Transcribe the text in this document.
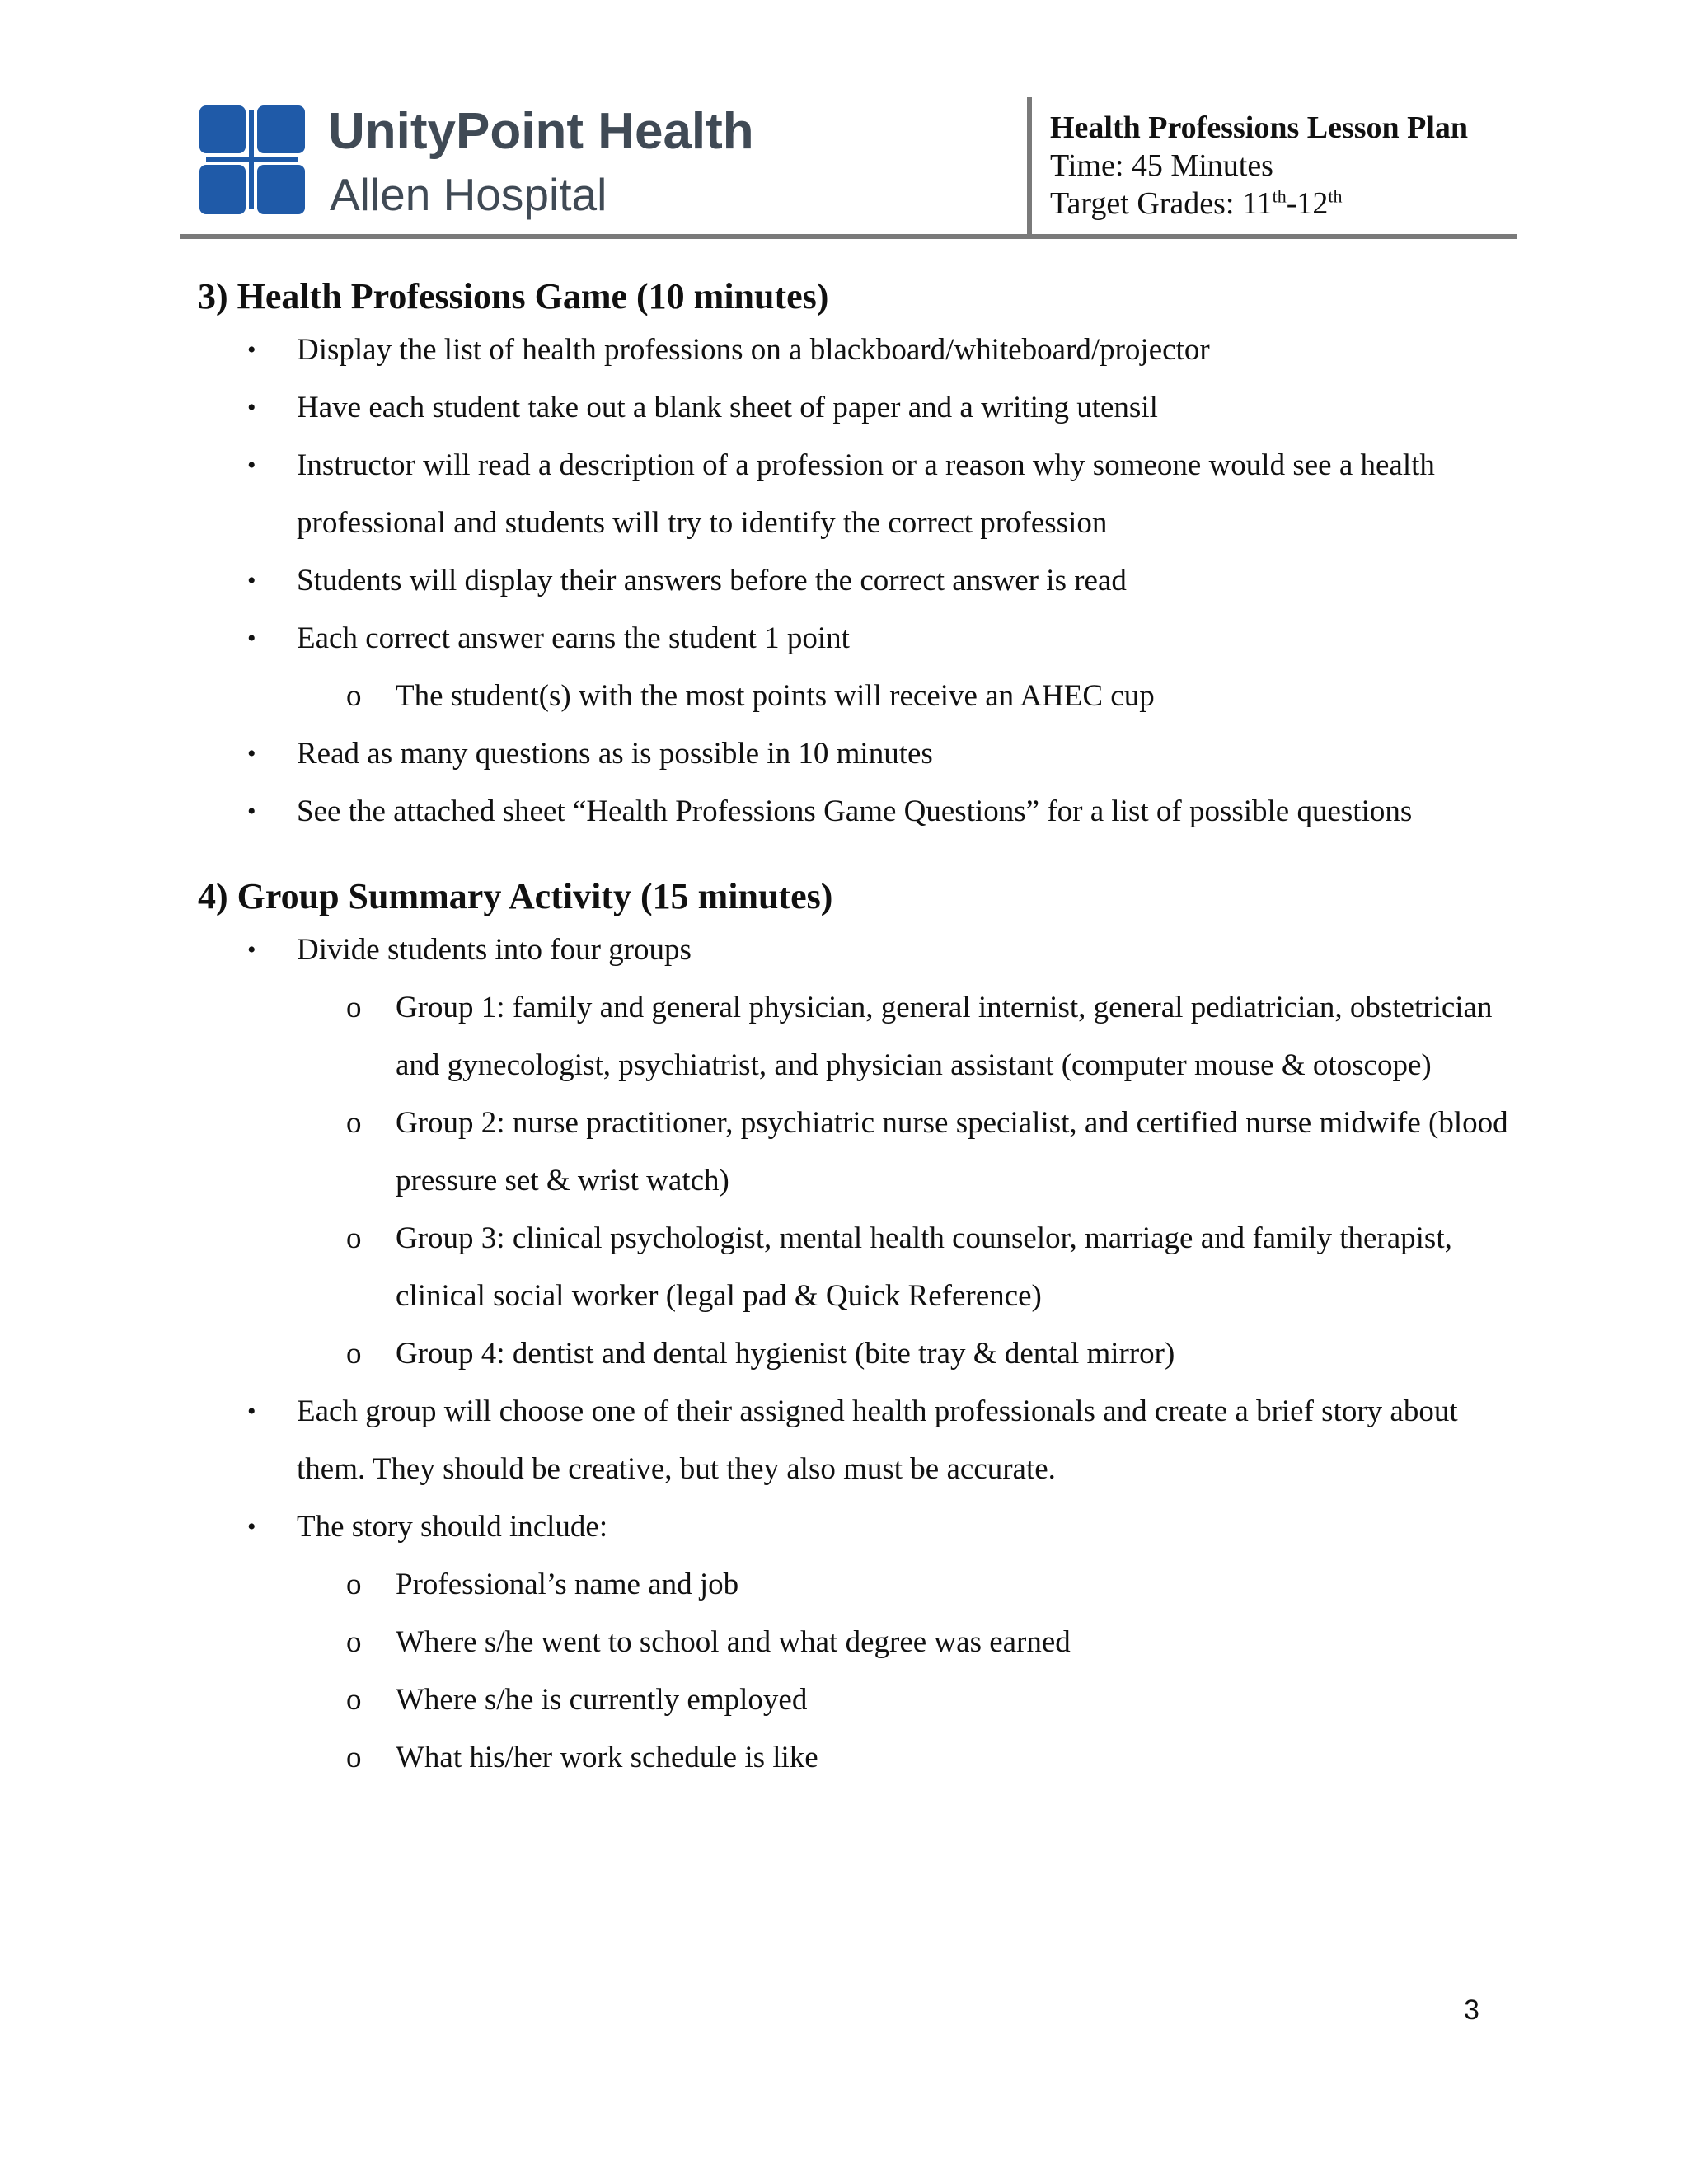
UnityPoint Health
Allen Hospital
Health Professions Lesson Plan
Time: 45 Minutes
Target Grades: 11th-12th
3) Health Professions Game (10 minutes)
• Display the list of health professions on a blackboard/whiteboard/projector
• Have each student take out a blank sheet of paper and a writing utensil
• Instructor will read a description of a profession or a reason why someone would see a health professional and students will try to identify the correct profession
• Students will display their answers before the correct answer is read
• Each correct answer earns the student 1 point
o The student(s) with the most points will receive an AHEC cup
• Read as many questions as is possible in 10 minutes
• See the attached sheet “Health Professions Game Questions” for a list of possible questions
4) Group Summary Activity (15 minutes)
• Divide students into four groups
o Group 1: family and general physician, general internist, general pediatrician, obstetrician and gynecologist, psychiatrist, and physician assistant (computer mouse & otoscope)
o Group 2: nurse practitioner, psychiatric nurse specialist, and certified nurse midwife (blood pressure set & wrist watch)
o Group 3: clinical psychologist, mental health counselor, marriage and family therapist, clinical social worker (legal pad & Quick Reference)
o Group 4: dentist and dental hygienist (bite tray & dental mirror)
• Each group will choose one of their assigned health professionals and create a brief story about them. They should be creative, but they also must be accurate.
• The story should include:
o Professional’s name and job
o Where s/he went to school and what degree was earned
o Where s/he is currently employed
o What his/her work schedule is like
3
